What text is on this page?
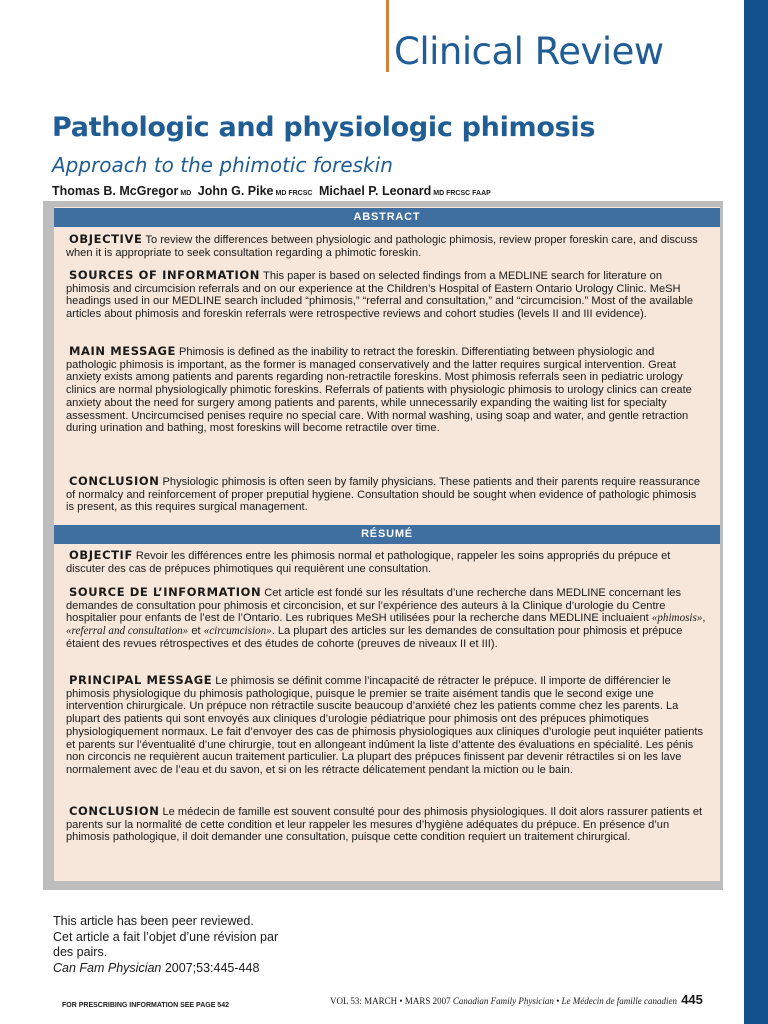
Clinical Review
Pathologic and physiologic phimosis
Approach to the phimotic foreskin
Thomas B. McGregor MD John G. Pike MD FRCSC Michael P. Leonard MD FRCSC FAAP
ABSTRACT
OBJECTIVE To review the differences between physiologic and pathologic phimosis, review proper foreskin care, and discuss when it is appropriate to seek consultation regarding a phimotic foreskin.
SOURCES OF INFORMATION This paper is based on selected findings from a MEDLINE search for literature on phimosis and circumcision referrals and on our experience at the Children’s Hospital of Eastern Ontario Urology Clinic. MeSH headings used in our MEDLINE search included “phimosis,” “referral and consultation,” and “circumcision.” Most of the available articles about phimosis and foreskin referrals were retrospective reviews and cohort studies (levels II and III evidence).
MAIN MESSAGE Phimosis is defined as the inability to retract the foreskin. Differentiating between physiologic and pathologic phimosis is important, as the former is managed conservatively and the latter requires surgical intervention. Great anxiety exists among patients and parents regarding non-retractile foreskins. Most phimosis referrals seen in pediatric urology clinics are normal physiologically phimotic foreskins. Referrals of patients with physiologic phimosis to urology clinics can create anxiety about the need for surgery among patients and parents, while unnecessarily expanding the waiting list for specialty assessment. Uncircumcised penises require no special care. With normal washing, using soap and water, and gentle retraction during urination and bathing, most foreskins will become retractile over time.
CONCLUSION Physiologic phimosis is often seen by family physicians. These patients and their parents require reassurance of normalcy and reinforcement of proper preputial hygiene. Consultation should be sought when evidence of pathologic phimosis is present, as this requires surgical management.
RÉSUMÉ
OBJECTIF Revoir les différences entre les phimosis normal et pathologique, rappeler les soins appropriés du prépuce et discuter des cas de prépuces phimotiques qui requièrent une consultation.
SOURCE DE L’INFORMATION Cet article est fondé sur les résultats d’une recherche dans MEDLINE concernant les demandes de consultation pour phimosis et circoncision, et sur l’expérience des auteurs à la Clinique d’urologie du Centre hospitalier pour enfants de l’est de l’Ontario. Les rubriques MeSH utilisées pour la recherche dans MEDLINE incluaient «phimosis», «referral and consultation» et «circumcision». La plupart des articles sur les demandes de consultation pour phimosis et prépuce étaient des revues rétrospectives et des études de cohorte (preuves de niveaux II et III).
PRINCIPAL MESSAGE Le phimosis se définit comme l’incapacité de rétracter le prépuce. Il importe de différencier le phimosis physiologique du phimosis pathologique, puisque le premier se traite aisément tandis que le second exige une intervention chirurgicale. Un prépuce non rétractile suscite beaucoup d’anxiété chez les patients comme chez les parents. La plupart des patients qui sont envoyés aux cliniques d’urologie pédiatrique pour phimosis ont des prépuces phimotiques physiologiquement normaux. Le fait d’envoyer des cas de phimosis physiologiques aux cliniques d’urologie peut inquiéter patients et parents sur l’éventualité d’une chirurgie, tout en allongeant indûment la liste d’attente des évaluations en spécialité. Les pénis non circoncis ne requièrent aucun traitement particulier. La plupart des prépuces finissent par devenir rétractiles si on les lave normalement avec de l’eau et du savon, et si on les rétracte délicatement pendant la miction ou le bain.
CONCLUSION Le médecin de famille est souvent consulté pour des phimosis physiologiques. Il doit alors rassurer patients et parents sur la normalité de cette condition et leur rappeler les mesures d’hygiène adéquates du prépuce. En présence d’un phimosis pathologique, il doit demander une consultation, puisque cette condition requiert un traitement chirurgical.
This article has been peer reviewed.
Cet article a fait l’objet d’une révision par des pairs.
Can Fam Physician 2007;53:445-448
FOR PRESCRIBING INFORMATION SEE PAGE 542	VOL 53: MARCH • MARS 2007 Canadian Family Physician • Le Médecin de famille canadien 445
